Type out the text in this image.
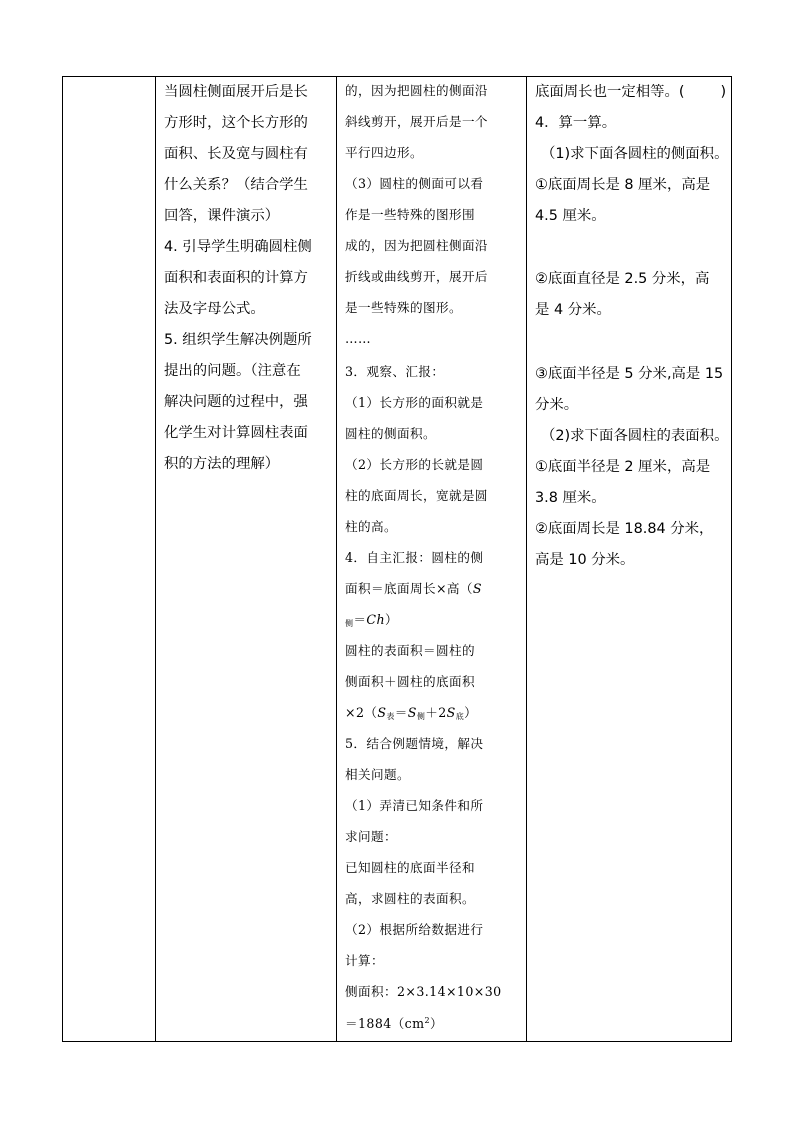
当圆柱侧面展开后是长
方形时，这个长方形的
面积、长及宽与圆柱有
什么关系？（结合学生
回答，课件演示）
4. 引导学生明确圆柱侧
面积和表面积的计算方
法及字母公式。
5. 组织学生解决例题所
提出的问题。（注意在
解决问题的过程中，强
化学生对计算圆柱表面
积的方法的理解）
的，因为把圆柱的侧面沿
斜线剪开，展开后是一个
平行四边形。
（3）圆柱的侧面可以看
作是一些特殊的图形围
成的，因为把圆柱侧面沿
折线或曲线剪开，展开后
是一些特殊的图形。
……
3．观察、汇报：
（1）长方形的面积就是
圆柱的侧面积。
（2）长方形的长就是圆
柱的底面周长，宽就是圆
柱的高。
4．自主汇报：圆柱的侧
面积＝底面周长×高（S
$_侧$＝Ch）
圆柱的表面积＝圆柱的
侧面积＋圆柱的底面积
$\times 2(S_表=S_侧+2S_底)$
5．结合例题情境，解决
相关问题。
（1）弄清已知条件和所
求问题：
已知圆柱的底面半径和
高，求圆柱的表面积。
（2）根据所给数据进行
计算：
侧面积：2×3.14×10×30
$=1884(cm^2)$
底面周长也一定相等。(	)
4．算一算。
（1)求下面各圆柱的侧面积。
①底面周长是 8 厘米，高是
4.5 厘米。
②底面直径是 2.5 分米，高
是 4 分米。
③底面半径是 5 分米,高是 15
分米。
（2)求下面各圆柱的表面积。
①底面半径是 2 厘米，高是
3.8 厘米。
②底面周长是 18.84 分米，
高是 10 分米。
